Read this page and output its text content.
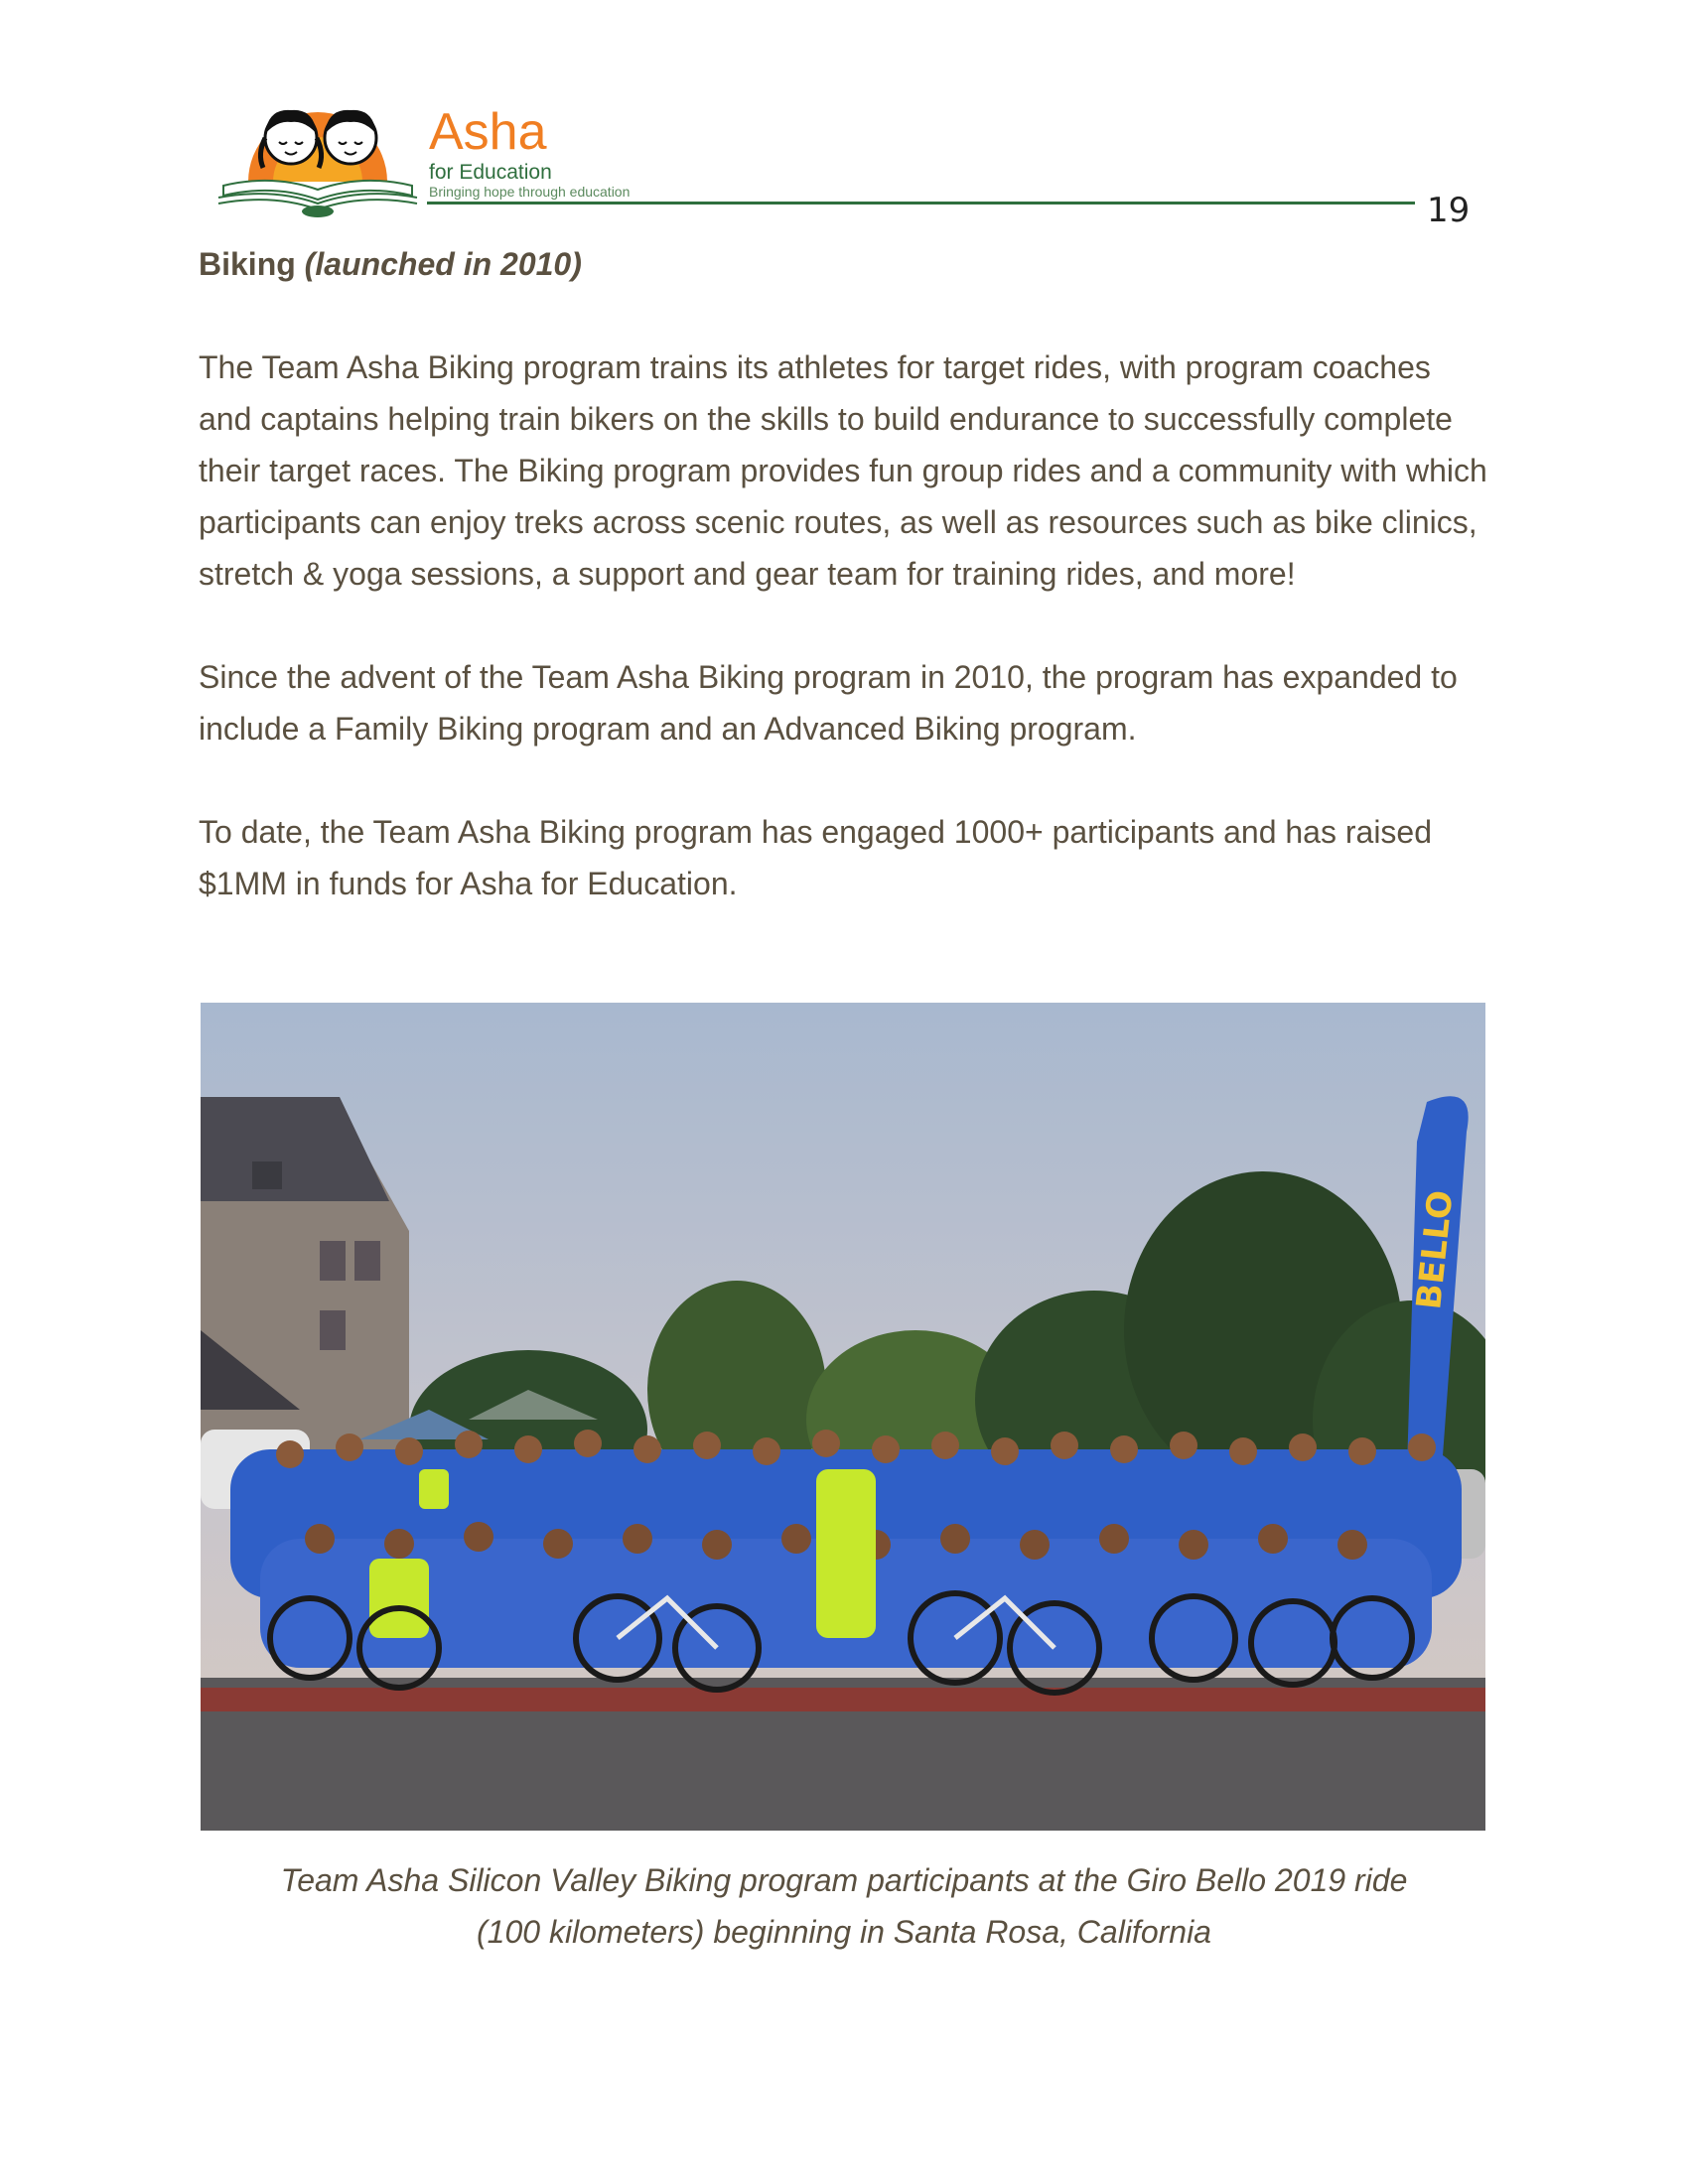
Asha
for Education
Bringing hope through education	19
Biking (launched in 2010)

The Team Asha Biking program trains its athletes for target rides, with program coaches and captains helping train bikers on the skills to build endurance to successfully complete their target races. The Biking program provides fun group rides and a community with which participants can enjoy treks across scenic routes, as well as resources such as bike clinics, stretch & yoga sessions, a support and gear team for training rides, and more!

Since the advent of the Team Asha Biking program in 2010, the program has expanded to include a Family Biking program and an Advanced Biking program.

To date, the Team Asha Biking program has engaged 1000+ participants and has raised $1MM in funds for Asha for Education.

BELLO
Team Asha Silicon Valley Biking program participants at the Giro Bello 2019 ride
(100 kilometers) beginning in Santa Rosa, California
